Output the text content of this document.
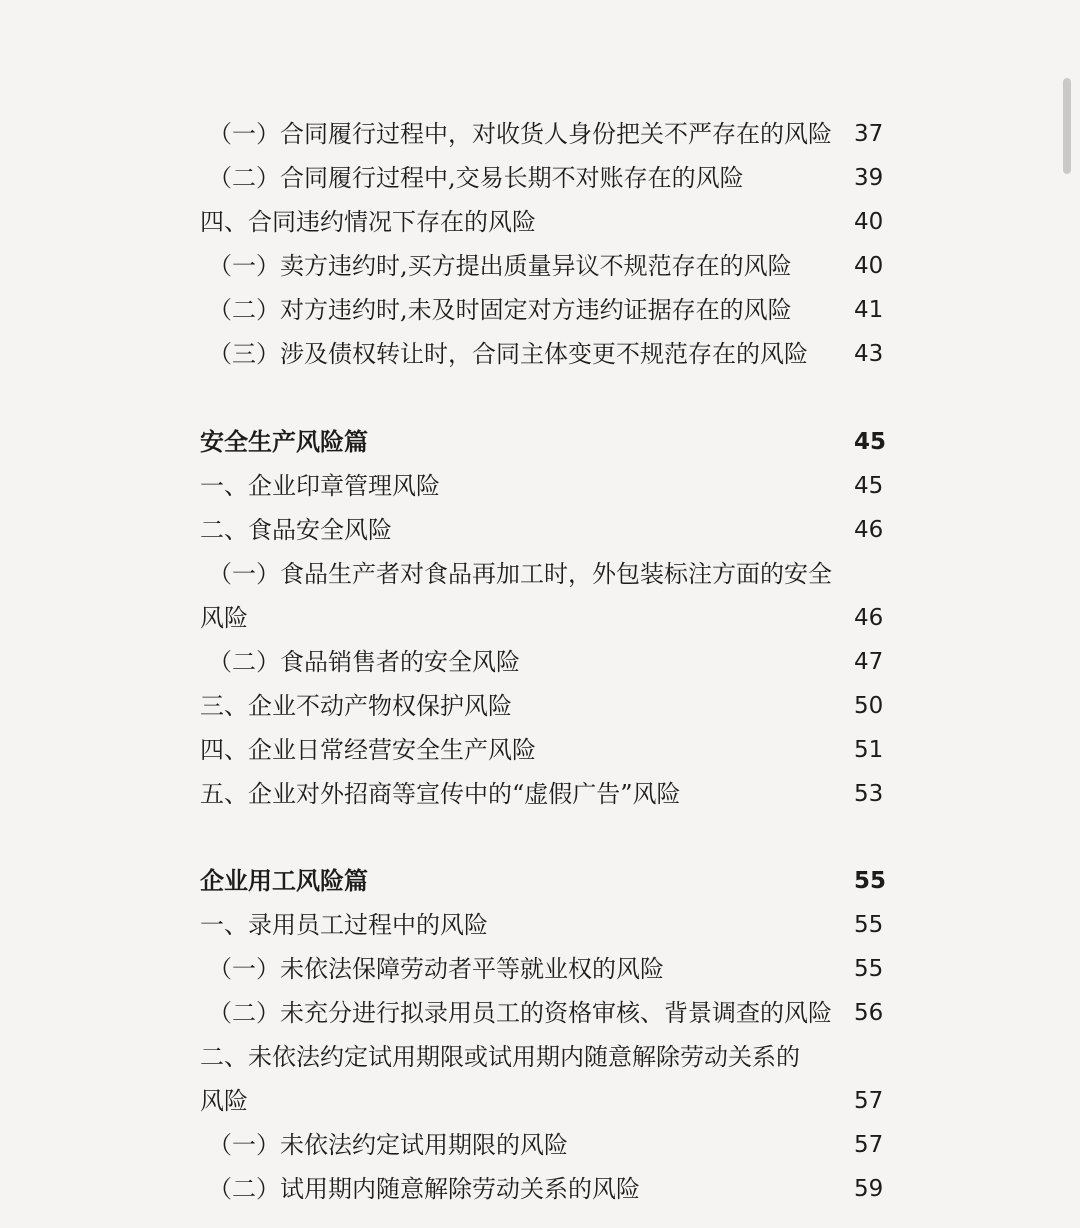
（一）合同履行过程中，对收货人身份把关不严存在的风险 37
（二）合同履行过程中,交易长期不对账存在的风险	39
四、合同违约情况下存在的风险	40
（一）卖方违约时,买方提出质量异议不规范存在的风险	40
（二）对方违约时,未及时固定对方违约证据存在的风险	41
（三）涉及债权转让时，合同主体变更不规范存在的风险 43
安全生产风险篇	45
一、企业印章管理风险	45
二、食品安全风险	46
（一）食品生产者对食品再加工时，外包装标注方面的安全
风险	46
（二）食品销售者的安全风险	47
三、企业不动产物权保护风险	50
四、企业日常经营安全生产风险	51
五、企业对外招商等宣传中的“虚假广告”风险	53
企业用工风险篇	55
一、录用员工过程中的风险	55
（一）未依法保障劳动者平等就业权的风险	55
（二）未充分进行拟录用员工的资格审核、背景调查的风险 56
二、未依法约定试用期限或试用期内随意解除劳动关系的
风险	57
（一）未依法约定试用期限的风险	57
（二）试用期内随意解除劳动关系的风险	59
